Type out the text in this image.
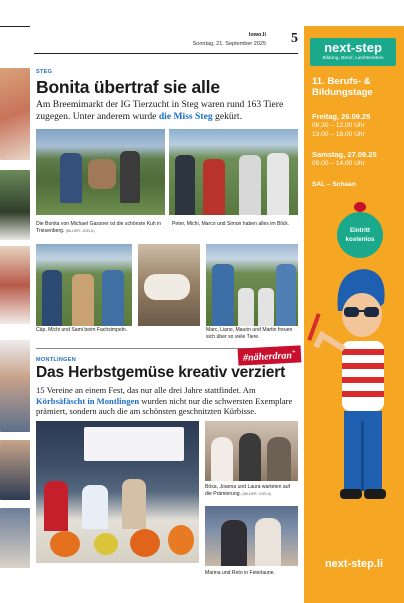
lowo.li
Sonntag, 21. September 2025 5
STEG
Bonita übertraf sie alle
Am Breemimarkt der IG Tierzucht in Steg waren rund 163 Tiere zugegen. Unter anderem wurde die Miss Steg gekürt.
Die Bonita von Michael Gassner ist die schönste Kuh in Triesenberg. (BILDER: JOELA)
Peter, Michi, Marco und Simon haben alles im Blick.
Cäp, Michi und Sami beim Fachsimpeln.	Marc, Liano, Maurin und Martin freuen sich über so viele Tiere.
MONTLINGEN	#näherdran+
Das Herbstgemüse kreativ verziert
15 Vereine an einem Fest, das nur alle drei Jahre stattfindet. Am Körbsäfäscht in Montlingen wurden nicht nur die schwersten Exemplare prämiert, sondern auch die am schönsten geschnitzten Kürbisse.
Bösa, Joanna und Laura warteten auf die Prämierung. (BILDER: JOELA)
Marina und Reto in Feierlaune.
next-step
Bildung, Beruf, Liechtenstein
11. Berufs- &
Bildungstage
Freitag, 26.09.25
08.30 – 12.00 Uhr
13.00 – 18.00 Uhr
Samstag, 27.09.25
09.00 – 14.00 Uhr
SAL – Schaan
Eintritt
kostenlos
next-step.li
